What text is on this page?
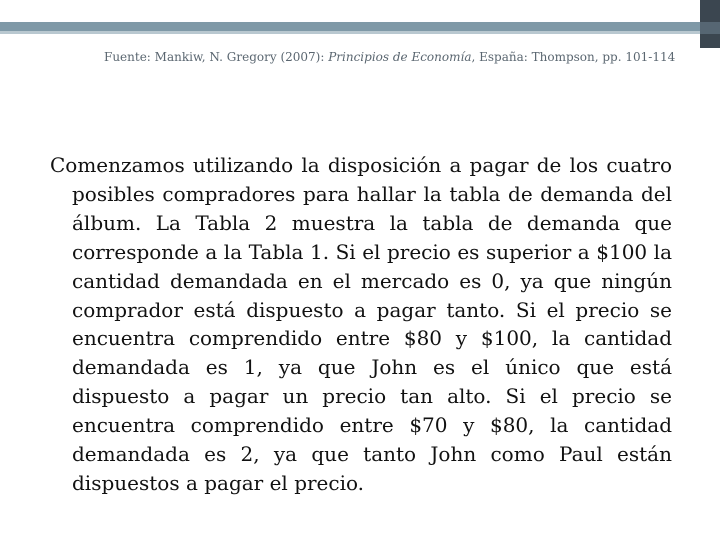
Fuente: Mankiw, N. Gregory (2007): Principios de Economía, España: Thompson, pp. 101-114

Comenzamos utilizando la disposición a pagar de los cuatro posibles compradores para hallar la tabla de demanda del álbum. La Tabla 2 muestra la tabla de demanda que corresponde a la Tabla 1. Si el precio es superior a $100 la cantidad demandada en el mercado es 0, ya que ningún comprador está dispuesto a pagar tanto. Si el precio se encuentra comprendido entre $80 y $100, la cantidad demandada es 1, ya que John es el único que está dispuesto a pagar un precio tan alto. Si el precio se encuentra comprendido entre $70 y $80, la cantidad demandada es 2, ya que tanto John como Paul están dispuestos a pagar el precio.
